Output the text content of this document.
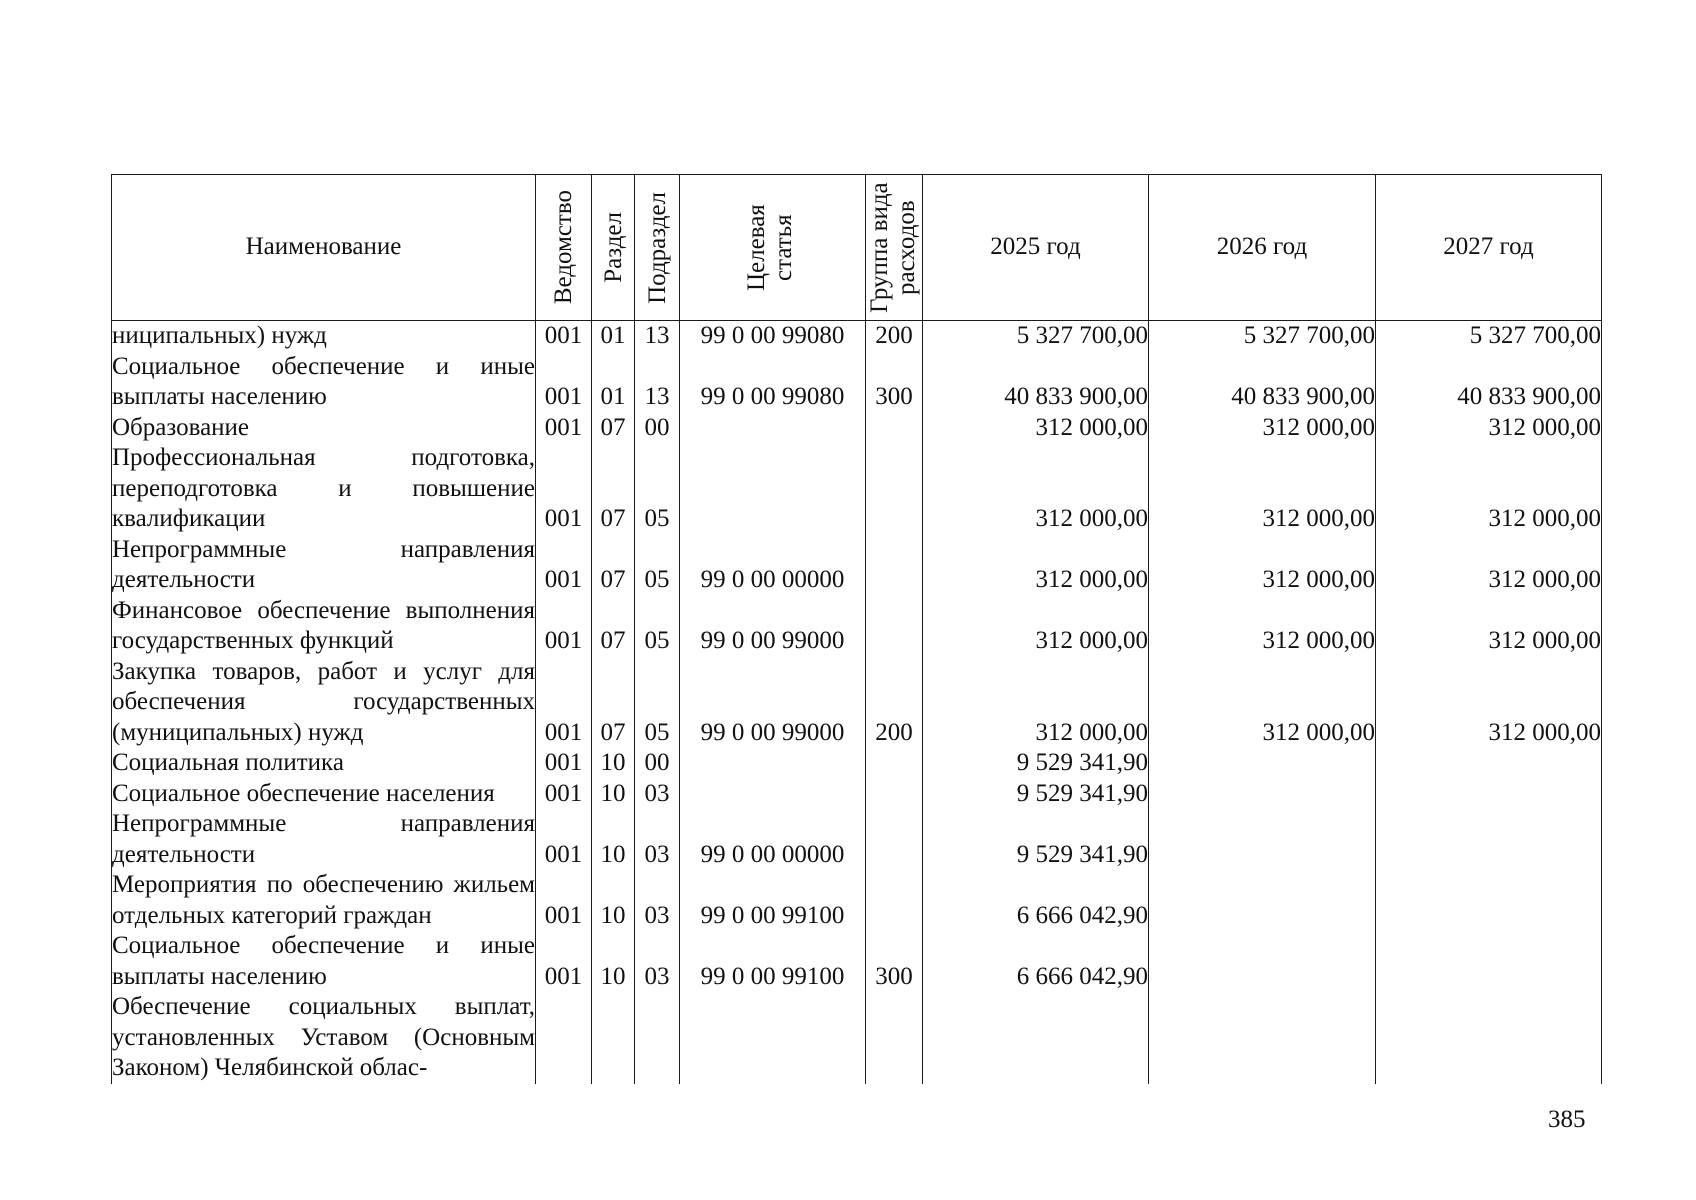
Наименование	Ведомство	Раздел	Подраздел	Целевая статья	Группа вида расходов	2025 год	2026 год	2027 год
ниципальных) нужд	001	01	13	99 0 00 99080	200	5 327 700,00	5 327 700,00	5 327 700,00
Социальное обеспечение и иные выплаты населению	001	01	13	99 0 00 99080	300	40 833 900,00	40 833 900,00	40 833 900,00
Образование	001	07	00			312 000,00	312 000,00	312 000,00
Профессиональная подготовка, переподготовка и повышение квалификации	001	07	05			312 000,00	312 000,00	312 000,00
Непрограммные направления деятельности	001	07	05	99 0 00 00000		312 000,00	312 000,00	312 000,00
Финансовое обеспечение выполнения государственных функций	001	07	05	99 0 00 99000		312 000,00	312 000,00	312 000,00
Закупка товаров, работ и услуг для обеспечения государственных (муниципальных) нужд	001	07	05	99 0 00 99000	200	312 000,00	312 000,00	312 000,00
Социальная политика	001	10	00			9 529 341,90		
Социальное обеспечение населения	001	10	03			9 529 341,90		
Непрограммные направления деятельности	001	10	03	99 0 00 00000		9 529 341,90		
Мероприятия по обеспечению жильем отдельных категорий граждан	001	10	03	99 0 00 99100		6 666 042,90		
Социальное обеспечение и иные выплаты населению	001	10	03	99 0 00 99100	300	6 666 042,90		
Обеспечение социальных выплат, установленных Уставом (Основным Законом) Челябинской облас-								
385
